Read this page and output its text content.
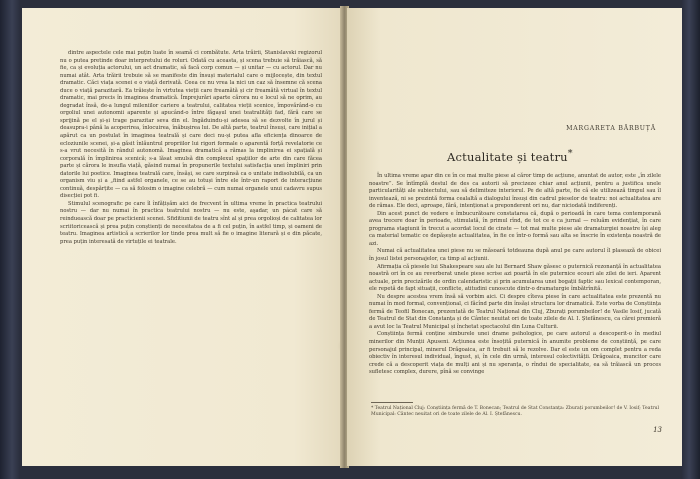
dintre aspectele cele mai puțin luate în seamă ci combătute. Arta trăirii, Stanislavski regizorul nu o putea pretinde doar interpretului de roluri. Odată cu aceasta, și scena trebuie să trăiască, să fie, ca și evoluția actorului, un act dramatic, să facă corp comun — și unitar — cu actorul. Dar nu numai atât. Arta trăirii trebuie să se manifeste din însuși materialul care o mijlocește, din textul dramatic. Căci viața scenei e o viață derivată. Ceea ce nu vrea la nici un caz să însemne că scena duce o viață parazitară. Ea trăiește în virtutea vieții care freamătă și cir freamătă virtual în textul dramatic, mai precis în imaginea dramatică. Împrejurări aparte cărora nu e locul să ne oprim, au degradat însă, de-a lungul mileniilor cariere a teatrului, calitatea vieții scenice, împovărând-o cu orgoliul unei autonomii aparente și apucând-o între făgașul unei teatralități fad, fără care se sprijină pe el și-și trage parazitar seva din el. Ingăduindu-și adesea să se dezvolte în jurul și deasupra-i până la acoperirea, înlocuirea, înăbușirea lui. De altă parte, teatrul însuși, care inițial a apărut ca un postulat în imaginea teatrală și care deci nu-și putea afla eficiența dinoarce de ecloziunile scenei, și-a găsit înlăuntrul propriilor lui rigori formale o aparentă forță revelatorie ce s-a vrut necesită în rândul autonomă. Imaginea dramatică a rămas la implinirea ei spațială și corporală în împlinirea scenică; s-a lăsat smulsă din complexul spațiilor de arte din care făcea parte și cărora le insufla viață, găsind numai în propunerile textului satisfacția unei împliniri prin datorile lui poetice. Imaginea teatrală care, însăși, se care surpinsă ca o unitate indisolubilă, ca un organism viu și a „fiind astfel organele, ce se au totuși între ele într-un raport de interacțiune continuă, despărțite — ca să folosim o imagine celebră — cum numai organele unui cadavru supus disecției pot fi.

Stimulul scenografic pe care îl înfățișăm aici de frecvent în ultima vreme în practica teatrului nostru — dar nu numai în practica teatrului nostru — nu este, aşadar, un pácat care să reinduească doar pe practicienii scenei. Sfiditiunii de teatru sînt al și prea orgolioși de calitatea lor scriitoricească și prea puțin conștienți de necesitatea de a fi cel puțin, în astfel timp, și oameni de teatru. Imaginea artistică a scrierilor lor tinde prea mult să fie o imagine literară și e din păcate, prea puțin interesată de virtuțile ei teatrale.

MARGARETA BĂRBUȚĂ
Actualitate și teatru*

În ultima vreme apar din ce în ce mai multe piese al căror timp de acțiune, anuntat de autor, este „în zilele noastre”. Se întîmplă destul de des ca autorii să precizeze chiar anul acțiunii, pentru a justifica unele particularități ale subiectului, sau să delimiteze interiorul. Pe de altă parte, fie că ele utilizează timpul sau îl inventează, ni se prezintă forma cealaltă a dialogului însuși din cadrul pieselor de teatru: noi actualitatea are de rămas. Ele deci, aproape, fără, intenționat a preponderent ori nu, dar niciodată indiferenți.

Din acest punct de vedere e îmbucurătoare constatarea că, după o perioadă în care tema contemporană avea trecere doar în perioade, stimulată, în primul rînd, de tot ce e ca jurnal — reluăm evidențiat, în care programa stagiunii în trecut a acordat locul de cinste — tot mai multe piese ale dramaturgiei noastre își aleg ca material tematic ce depășește actualitatea, în fie ce într-o formă sau alta se înscrie în existența noastră de azi.

Numai că actualitatea unei piese nu se măsoară totdeauna după anul pe care autorul îl plasează de obicei în josul listei personajelor, ca timp al acțiunii.

Afirmația că piesele lui Shakespeare sau ale lui Bernard Shaw găsesc o puternică rezonanță în actualitatea noastră ori în ce au reverberat unele piese scrise azi poartă în ele puternice ecouri ale zilei de ieri. Aparent actuale, prin precizările de ordin calendaristic și prin acumularea unei bogații faptic sau lexical contemporan, ele repetă de fapt situații, conflicte, atitudini cunoscute dintr-o dramaturgie îmbătrînită.

Nu despre acestea vrem însă să vorbim aici. Ci despre cîteva piese în care actualitatea este prezentă nu numai în mod formal, convențional, ci făcînd parte din însăși structura lor dramatică. Este vorba de Conștiința fermă de Teofil Bonecan, prezentată de Teatrul Național din Cluj, Zburați porumbeilor! de Vasile Iosif, jucată de Teatrul de Stat din Constanța și de Cântec neuitat ori de toate zilele de Al. I. Ștefănescu, ca cărei premieră a avut loc la Teatrul Municipal și închetat spectacolul din Luna Culturii.

Conștiința fermă conține simburele unei drame psihologice, pe care autorul a descoperit-o în mediul minerilor din Munții Apuseni. Acțiunea este însoțită puternică în anumite probleme de conștiință, pe care personajul principal, minerul Drăgoaica, ar fi trebuit să le rezolve. Dar el este un om complet pentru a reda obiectiv în interesul individual, îngust, și, în cele din urmă, interesul colectivității. Drăgoaica, muncitor care crede că a descoperit viața de mulți ani și nu speranța, o rîndui de specialitate, ea să trăiască un proces sufletesc complex, durere, pînă se convinge

* Teatrul Național Cluj: Conștiința fermă de T. Bonecan; Teatrul de Stat Constanța: Zburați porumbeilor! de V. Iosif; Teatrul Municipal: Cântec neuitat ori de toate zilele de Al. I. Ștefănescu.
13
